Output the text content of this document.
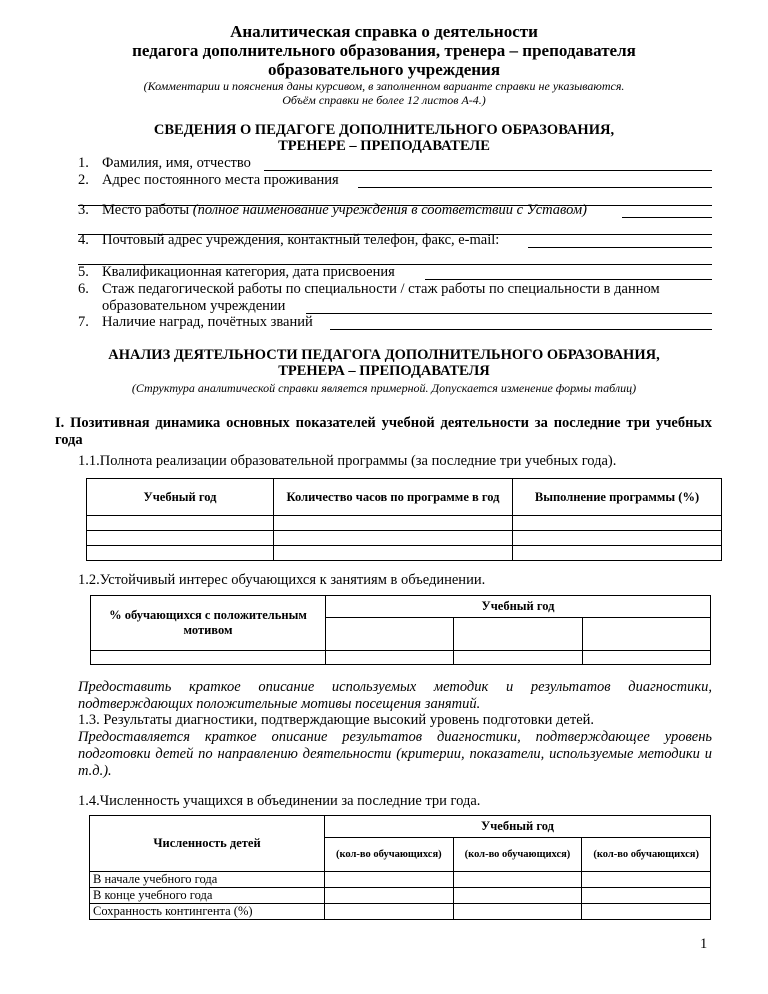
Аналитическая справка о деятельности
педагога дополнительного образования, тренера – преподавателя
образовательного учреждения
(Комментарии и пояснения даны курсивом, в заполненном варианте справки не указываются.
Объём справки не более 12 листов А-4.)
СВЕДЕНИЯ О ПЕДАГОГЕ ДОПОЛНИТЕЛЬНОГО ОБРАЗОВАНИЯ,
ТРЕНЕРЕ – ПРЕПОДАВАТЕЛЕ
1. Фамилия, имя, отчество
2. Адрес постоянного места проживания
3. Место работы (полное наименование учреждения в соответствии с Уставом)
4. Почтовый адрес учреждения, контактный телефон, факс, e-mail:
5. Квалификационная категория, дата присвоения
6. Стаж педагогической работы по специальности / стаж работы по специальности в данном
образовательном учреждении
7. Наличие наград, почётных званий
АНАЛИЗ ДЕЯТЕЛЬНОСТИ ПЕДАГОГА ДОПОЛНИТЕЛЬНОГО ОБРАЗОВАНИЯ,
ТРЕНЕРА – ПРЕПОДАВАТЕЛЯ
(Структура аналитической справки является примерной. Допускается изменение формы таблиц)
I. Позитивная динамика основных показателей учебной деятельности за последние три учебных года
1.1.Полнота реализации образовательной программы (за последние три учебных года).
Учебный год	Количество часов по программе в год	Выполнение программы (%)

1.2.Устойчивый интерес обучающихся к занятиям в объединении.
% обучающихся с положительным мотивом	Учебный год		

Предоставить краткое описание используемых методик и результатов диагностики, подтверждающих положительные мотивы посещения занятий.
1.3. Результаты диагностики, подтверждающие высокий уровень подготовки детей.
Предоставляется краткое описание результатов диагностики, подтверждающее уровень подготовки детей по направлению деятельности (критерии, показатели, используемые методики и т.д.).
1.4.Численность учащихся в объединении за последние три года.
Численность детей	Учебный год		
	(кол-во обучающихся)	(кол-во обучающихся)	(кол-во обучающихся)
В начале учебного года			
В конце учебного года			
Сохранность контингента (%)			
1
